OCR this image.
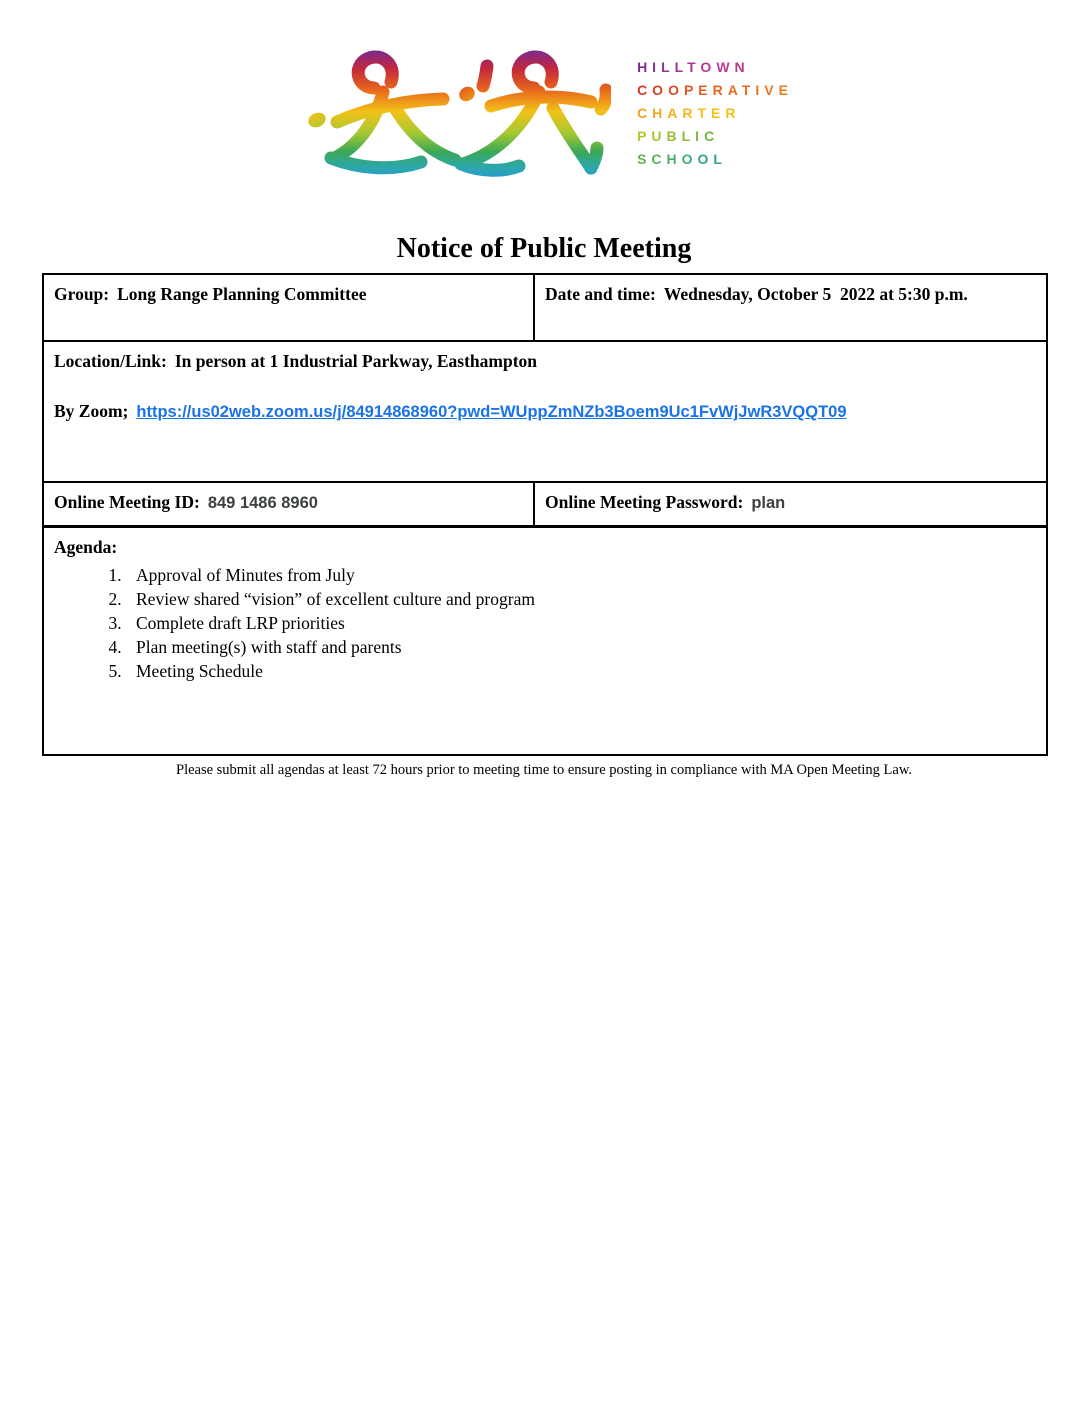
HILLTOWN
COOPERATIVE
CHARTER
PUBLIC
SCHOOL
Notice of Public Meeting
Group: Long Range Planning Committee	Date and time: Wednesday, October 5  2022 at 5:30 p.m.

Location/Link: In person at 1 Industrial Parkway, Easthampton

By Zoom; https://us02web.zoom.us/j/84914868960?pwd=WUppZmNZb3Boem9Uc1FvWjJwR3VQQT09	

Online Meeting ID: 849 1486 8960	Online Meeting Password: plan
Agenda:
1. Approval of Minutes from July
2. Review shared “vision” of excellent culture and program
3. Complete draft LRP priorities
4. Plan meeting(s) with staff and parents
5. Meeting Schedule

Please submit all agendas at least 72 hours prior to meeting time to ensure posting in compliance with MA Open Meeting Law.
